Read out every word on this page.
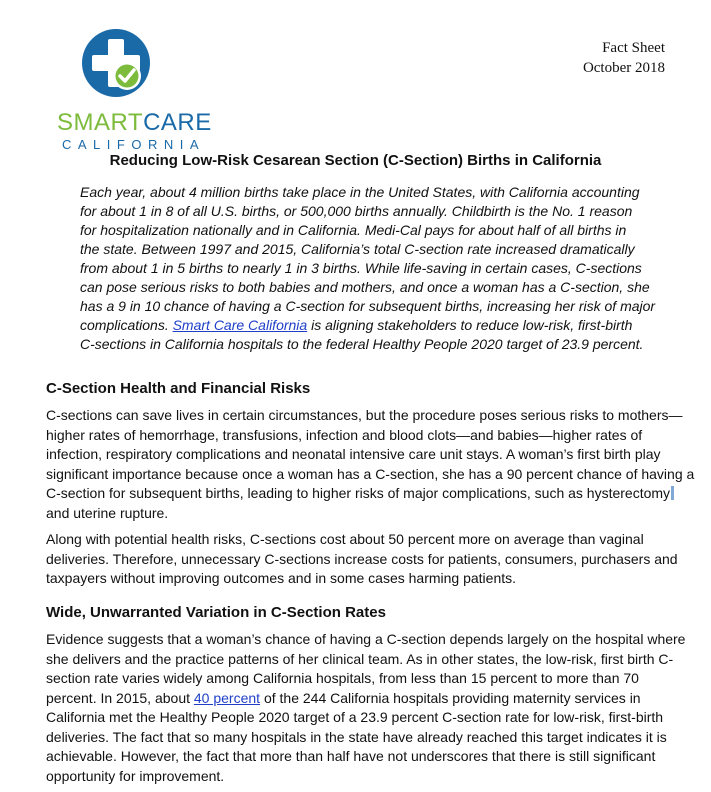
SMARTCARE
CALIFORNIA
Fact Sheet
October 2018
Reducing Low-Risk Cesarean Section (C-Section) Births in California
Each year, about 4 million births take place in the United States, with California accounting
for about 1 in 8 of all U.S. births, or 500,000 births annually. Childbirth is the No. 1 reason
for hospitalization nationally and in California. Medi-Cal pays for about half of all births in
the state. Between 1997 and 2015, California’s total C-section rate increased dramatically
from about 1 in 5 births to nearly 1 in 3 births. While life-saving in certain cases, C-sections
can pose serious risks to both babies and mothers, and once a woman has a C-section, she
has a 9 in 10 chance of having a C-section for subsequent births, increasing her risk of major
complications. Smart Care California is aligning stakeholders to reduce low-risk, first-birth
C-sections in California hospitals to the federal Healthy People 2020 target of 23.9 percent.
C-Section Health and Financial Risks
C-sections can save lives in certain circumstances, but the procedure poses serious risks to mothers—
higher rates of hemorrhage, transfusions, infection and blood clots—and babies—higher rates of
infection, respiratory complications and neonatal intensive care unit stays. A woman’s first birth play
significant importance because once a woman has a C-section, she has a 90 percent chance of having a
C-section for subsequent births, leading to higher risks of major complications, such as hysterectomy
and uterine rupture.
Along with potential health risks, C-sections cost about 50 percent more on average than vaginal
deliveries. Therefore, unnecessary C-sections increase costs for patients, consumers, purchasers and
taxpayers without improving outcomes and in some cases harming patients.
Wide, Unwarranted Variation in C-Section Rates
Evidence suggests that a woman’s chance of having a C-section depends largely on the hospital where
she delivers and the practice patterns of her clinical team. As in other states, the low-risk, first birth C-
section rate varies widely among California hospitals, from less than 15 percent to more than 70
percent. In 2015, about 40 percent of the 244 California hospitals providing maternity services in
California met the Healthy People 2020 target of a 23.9 percent C-section rate for low-risk, first-birth
deliveries. The fact that so many hospitals in the state have already reached this target indicates it is
achievable. However, the fact that more than half have not underscores that there is still significant
opportunity for improvement.
